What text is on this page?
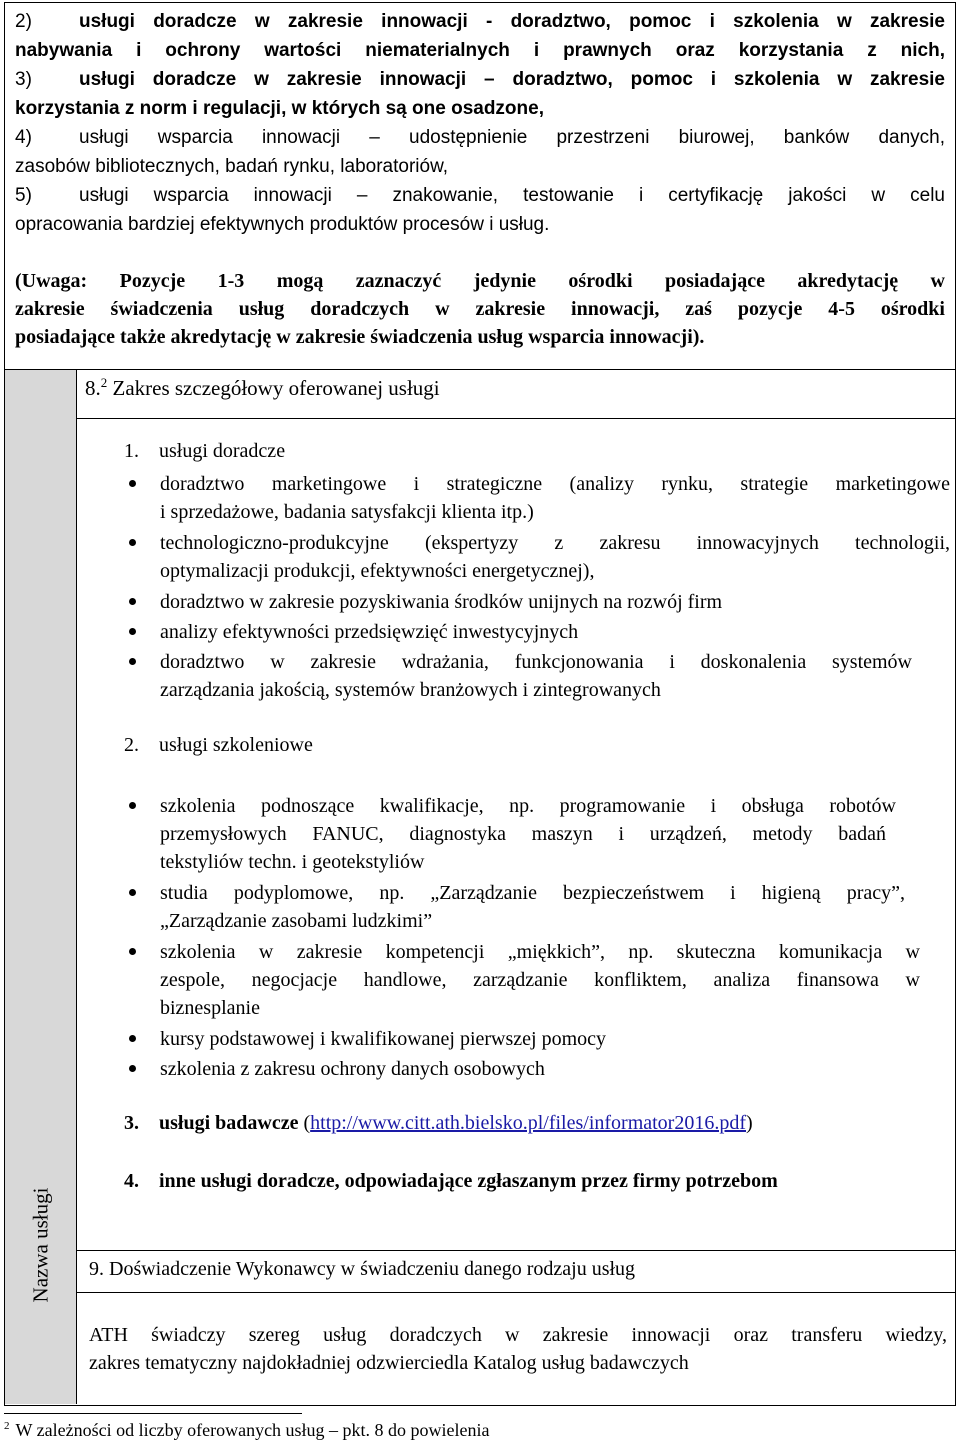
2) usługi doradcze w zakresie innowacji - doradztwo, pomoc i szkolenia w zakresie
nabywania i ochrony wartości niematerialnych i prawnych oraz korzystania z nich,
3) usługi doradcze w zakresie innowacji – doradztwo, pomoc i szkolenia w zakresie
korzystania z norm i regulacji, w których są one osadzone,
4) usługi wsparcia innowacji – udostępnienie przestrzeni biurowej, banków danych,
zasobów bibliotecznych, badań rynku, laboratoriów,
5) usługi wsparcia innowacji – znakowanie, testowanie i certyfikację jakości w celu
opracowania bardziej efektywnych produktów procesów i usług.
(Uwaga: Pozycje 1-3 mogą zaznaczyć jedynie ośrodki posiadające akredytację w
zakresie świadczenia usług doradczych w zakresie innowacji, zaś pozycje 4-5 ośrodki
posiadające także akredytację w zakresie świadczenia usług wsparcia innowacji).
Nazwa usługi
8.$^2$ Zakres szczegółowy oferowanej usługi
1. usługi doradcze
doradztwo marketingowe i strategiczne (analizy rynku, strategie marketingowe
i sprzedażowe, badania satysfakcji klienta itp.)
technologiczno-produkcyjne (ekspertyzy z zakresu innowacyjnych technologii,
optymalizacji produkcji, efektywności energetycznej),
doradztwo w zakresie pozyskiwania środków unijnych na rozwój firm
analizy efektywności przedsięwzięć inwestycyjnych
doradztwo w zakresie wdrażania, funkcjonowania i doskonalenia systemów
zarządzania jakością, systemów branżowych i zintegrowanych
2. usługi szkoleniowe
szkolenia podnoszące kwalifikacje, np. programowanie i obsługa robotów
przemysłowych FANUC, diagnostyka maszyn i urządzeń, metody badań
tekstyliów techn. i geotekstyliów
studia podyplomowe, np. „Zarządzanie bezpieczeństwem i higieną pracy”,
„Zarządzanie zasobami ludzkimi”
szkolenia w zakresie kompetencji „miękkich”, np. skuteczna komunikacja w
zespole, negocjacje handlowe, zarządzanie konfliktem, analiza finansowa w
biznesplanie
kursy podstawowej i kwalifikowanej pierwszej pomocy
szkolenia z zakresu ochrony danych osobowych
3. usługi badawcze (http://www.citt.ath.bielsko.pl/files/informator2016.pdf)
4. inne usługi doradcze, odpowiadające zgłaszanym przez firmy potrzebom
9. Doświadczenie Wykonawcy w świadczeniu danego rodzaju usług
ATH świadczy szereg usług doradczych w zakresie innowacji oraz transferu wiedzy,
zakres tematyczny najdokładniej odzwierciedla Katalog usług badawczych
$^2$ W zależności od liczby oferowanych usług – pkt. 8 do powielenia
